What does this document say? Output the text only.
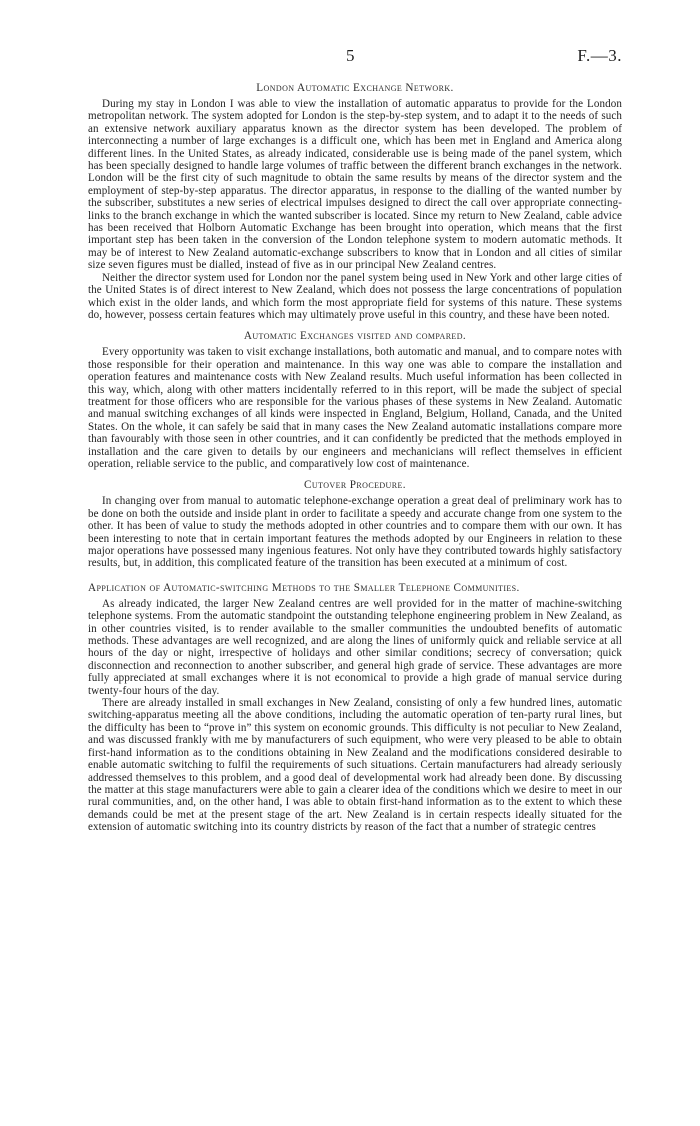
5	F.—3.
London Automatic Exchange Network.

During my stay in London I was able to view the installation of automatic apparatus to provide for the London metropolitan network. The system adopted for London is the step-by-step system, and to adapt it to the needs of such an extensive network auxiliary apparatus known as the director system has been developed. The problem of interconnecting a number of large exchanges is a difficult one, which has been met in England and America along different lines. In the United States, as already indicated, considerable use is being made of the panel system, which has been specially designed to handle large volumes of traffic between the different branch exchanges in the network. London will be the first city of such magnitude to obtain the same results by means of the director system and the employment of step-by-step apparatus. The director apparatus, in response to the dialling of the wanted number by the subscriber, substitutes a new series of electrical impulses designed to direct the call over appropriate connecting-links to the branch exchange in which the wanted subscriber is located. Since my return to New Zealand, cable advice has been received that Holborn Automatic Exchange has been brought into operation, which means that the first important step has been taken in the conversion of the London telephone system to modern automatic methods. It may be of interest to New Zealand automatic-exchange subscribers to know that in London and all cities of similar size seven figures must be dialled, instead of five as in our principal New Zealand centres.

Neither the director system used for London nor the panel system being used in New York and other large cities of the United States is of direct interest to New Zealand, which does not possess the large concentrations of population which exist in the older lands, and which form the most appropriate field for systems of this nature. These systems do, however, possess certain features which may ultimately prove useful in this country, and these have been noted.

Automatic Exchanges visited and compared.

Every opportunity was taken to visit exchange installations, both automatic and manual, and to compare notes with those responsible for their operation and maintenance. In this way one was able to compare the installation and operation features and maintenance costs with New Zealand results. Much useful information has been collected in this way, which, along with other matters incidentally referred to in this report, will be made the subject of special treatment for those officers who are responsible for the various phases of these systems in New Zealand. Automatic and manual switching exchanges of all kinds were inspected in England, Belgium, Holland, Canada, and the United States. On the whole, it can safely be said that in many cases the New Zealand automatic installations compare more than favourably with those seen in other countries, and it can confidently be predicted that the methods employed in installation and the care given to details by our engineers and mechanicians will reflect themselves in efficient operation, reliable service to the public, and comparatively low cost of maintenance.

Cutover Procedure.

In changing over from manual to automatic telephone-exchange operation a great deal of preliminary work has to be done on both the outside and inside plant in order to facilitate a speedy and accurate change from one system to the other. It has been of value to study the methods adopted in other countries and to compare them with our own. It has been interesting to note that in certain important features the methods adopted by our Engineers in relation to these major operations have possessed many ingenious features. Not only have they contributed towards highly satisfactory results, but, in addition, this complicated feature of the transition has been executed at a minimum of cost.

Application of Automatic-switching Methods to the Smaller Telephone Communities.

As already indicated, the larger New Zealand centres are well provided for in the matter of machine-switching telephone systems. From the automatic standpoint the outstanding telephone engineering problem in New Zealand, as in other countries visited, is to render available to the smaller communities the undoubted benefits of automatic methods. These advantages are well recognized, and are along the lines of uniformly quick and reliable service at all hours of the day or night, irrespective of holidays and other similar conditions; secrecy of conversation; quick disconnection and reconnection to another subscriber, and general high grade of service. These advantages are more fully appreciated at small exchanges where it is not economical to provide a high grade of manual service during twenty-four hours of the day.

There are already installed in small exchanges in New Zealand, consisting of only a few hundred lines, automatic switching-apparatus meeting all the above conditions, including the automatic operation of ten-party rural lines, but the difficulty has been to “prove in” this system on economic grounds. This difficulty is not peculiar to New Zealand, and was discussed frankly with me by manufacturers of such equipment, who were very pleased to be able to obtain first-hand information as to the conditions obtaining in New Zealand and the modifications considered desirable to enable automatic switching to fulfil the requirements of such situations. Certain manufacturers had already seriously addressed themselves to this problem, and a good deal of developmental work had already been done. By discussing the matter at this stage manufacturers were able to gain a clearer idea of the conditions which we desire to meet in our rural communities, and, on the other hand, I was able to obtain first-hand information as to the extent to which these demands could be met at the present stage of the art. New Zealand is in certain respects ideally situated for the extension of automatic switching into its country districts by reason of the fact that a number of strategic centres
